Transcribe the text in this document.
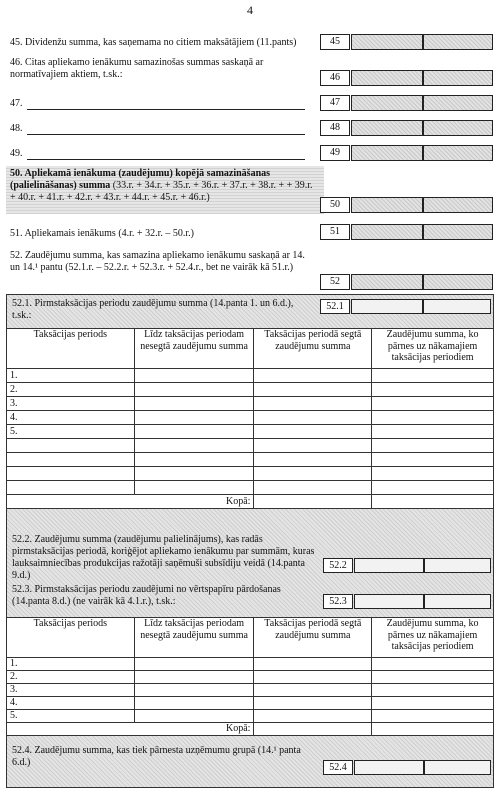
4
45. Dividenžu summa, kas saņemama no citiem maksātājiem (11.pants)	45
46. Citas apliekamo ienākumu samazinošas summas saskaņā ar normatīvajiem aktiem, t.sk.:	46
47.	47
48.	48
49.	49
50. Apliekamā ienākuma (zaudējumu) kopējā samazināšanas (palielināšanas) summa (33.r. + 34.r. + 35.r. + 36.r. + 37.r. + 38.r. + + 39.r. + 40.r. + 41.r. + 42.r. + 43.r. + 44.r. + 45.r. + 46.r.)
50
51. Apliekamais ienākums (4.r. + 32.r. – 50.r.)	51
52. Zaudējumu summa, kas samazina apliekamo ienākumu saskaņā ar 14. un 14.¹ pantu (52.1.r. – 52.2.r. + 52.3.r. + 52.4.r., bet ne vairāk kā 51.r.)
52
52.1. Pirmstaksācijas periodu zaudējumu summa (14.panta 1. un 6.d.), t.sk.:
52.1
Taksācijas periods	Līdz taksācijas periodam nesegtā zaudējumu summa	Taksācijas periodā segtā zaudējumu summa	Zaudējumu summa, ko pārnes uz nākamajiem taksācijas periodiem
1.			
2.			
3.			
4.			
5.			

Kopā:			
52.2. Zaudējumu summa (zaudējumu palielinājums), kas radās pirmstaksācijas periodā, koriģējot apliekamo ienākumu par summām, kuras lauksaimniecības produkcijas ražotāji saņēmuši subsīdiju veidā (14.panta 9.d.)
52.2
52.3. Pirmstaksācijas periodu zaudējumi no vērtspapīru pārdošanas (14.panta 8.d.) (ne vairāk kā 4.1.r.), t.sk.:	52.3
Taksācijas periods	Līdz taksācijas periodam nesegtā zaudējumu summa	Taksācijas periodā segtā zaudējumu summa	Zaudējumu summa, ko pārnes uz nākamajiem taksācijas periodiem
1.			
2.			
3.			
4.			
5.			
Kopā:			
52.4. Zaudējumu summa, kas tiek pārnesta uzņēmumu grupā (14.¹ panta 6.d.)	52.4
